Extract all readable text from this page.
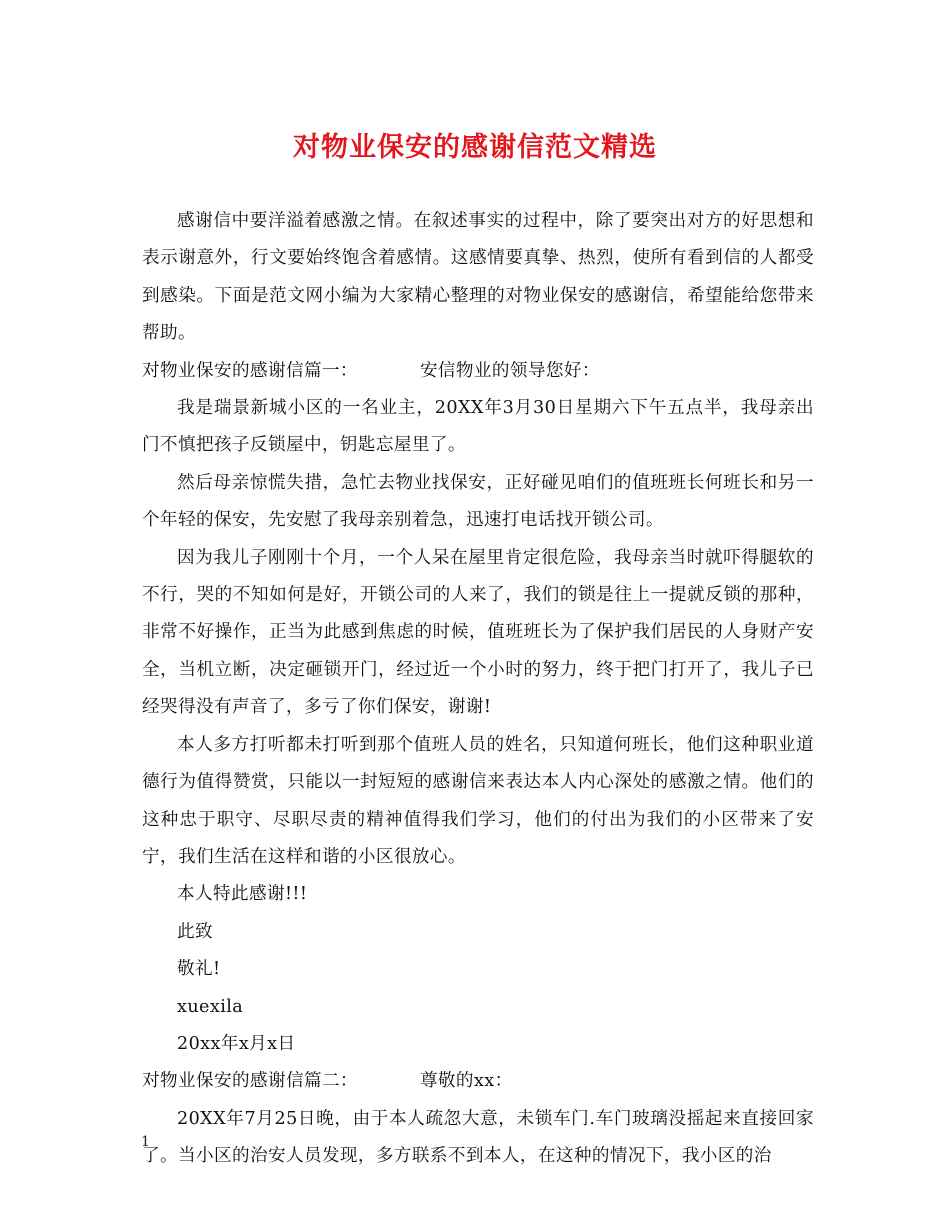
对物业保安的感谢信范文精选

感谢信中要洋溢着感激之情。在叙述事实的过程中，除了要突出对方的好思想和表示谢意外，行文要始终饱含着感情。这感情要真挚、热烈，使所有看到信的人都受到感染。下面是范文网小编为大家精心整理的对物业保安的感谢信，希望能给您带来帮助。

对物业保安的感谢信篇一：	安信物业的领导您好：

我是瑞景新城小区的一名业主，20XX年3月30日星期六下午五点半，我母亲出门不慎把孩子反锁屋中，钥匙忘屋里了。

然后母亲惊慌失措，急忙去物业找保安，正好碰见咱们的值班班长何班长和另一个年轻的保安，先安慰了我母亲别着急，迅速打电话找开锁公司。

因为我儿子刚刚十个月，一个人呆在屋里肯定很危险，我母亲当时就吓得腿软的不行，哭的不知如何是好，开锁公司的人来了，我们的锁是往上一提就反锁的那种，非常不好操作，正当为此感到焦虑的时候，值班班长为了保护我们居民的人身财产安全，当机立断，决定砸锁开门，经过近一个小时的努力，终于把门打开了，我儿子已经哭得没有声音了，多亏了你们保安，谢谢!

本人多方打听都未打听到那个值班人员的姓名，只知道何班长，他们这种职业道德行为值得赞赏，只能以一封短短的感谢信来表达本人内心深处的感激之情。他们的这种忠于职守、尽职尽责的精神值得我们学习，他们的付出为我们的小区带来了安宁，我们生活在这样和谐的小区很放心。

本人特此感谢!!!

此致

敬礼!

xuexila

20xx年x月x日

对物业保安的感谢信篇二：	尊敬的xx：

20XX年7月25日晚，由于本人疏忽大意，未锁车门.车门玻璃没摇起来直接回家了。当小区的治安人员发现，多方联系不到本人，在这种的情况下，我小区的治

1
